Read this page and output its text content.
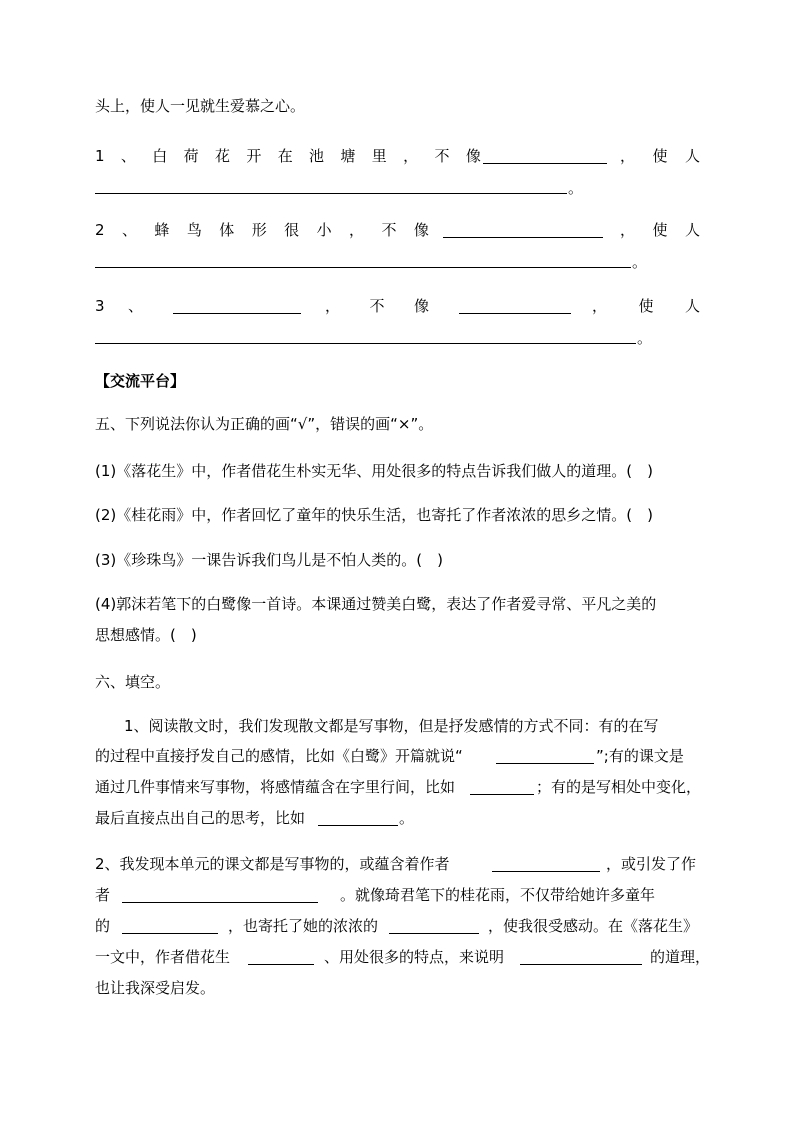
头上，使人一见就生爱慕之心。
1 、 白 荷 花 开 在 池 塘 里 ， 不 像	， 使 人
。
2 、 蜂 鸟 体 形 很 小 ， 不 像	， 使 人
。
3 、	， 不 像	， 使 人
。
【交流平台】
五、下列说法你认为正确的画“√”，错误的画“×”。
(1)《落花生》中，作者借花生朴实无华、用处很多的特点告诉我们做人的道理。(　)
(2)《桂花雨》中，作者回忆了童年的快乐生活，也寄托了作者浓浓的思乡之情。(　)
(3)《珍珠鸟》一课告诉我们鸟儿是不怕人类的。(　)
(4)郭沫若笔下的白鹭像一首诗。本课通过赞美白鹭，表达了作者爱寻常、平凡之美的
思想感情。(　)
六、填空。
1、阅读散文时，我们发现散文都是写事物，但是抒发感情的方式不同：有的在写
的过程中直接抒发自己的感情，比如《白鹭》开篇就说“	”;有的课文是
通过几件事情来写事物，将感情蕴含在字里行间，比如	；有的是写相处中变化，
最后直接点出自己的思考，比如	。
2、我发现本单元的课文都是写事物的，或蕴含着作者	，或引发了作
者	。就像琦君笔下的桂花雨，不仅带给她许多童年
的	，也寄托了她的浓浓的	，使我很受感动。在《落花生》
一文中，作者借花生	、用处很多的特点，来说明	的道理，
也让我深受启发。
